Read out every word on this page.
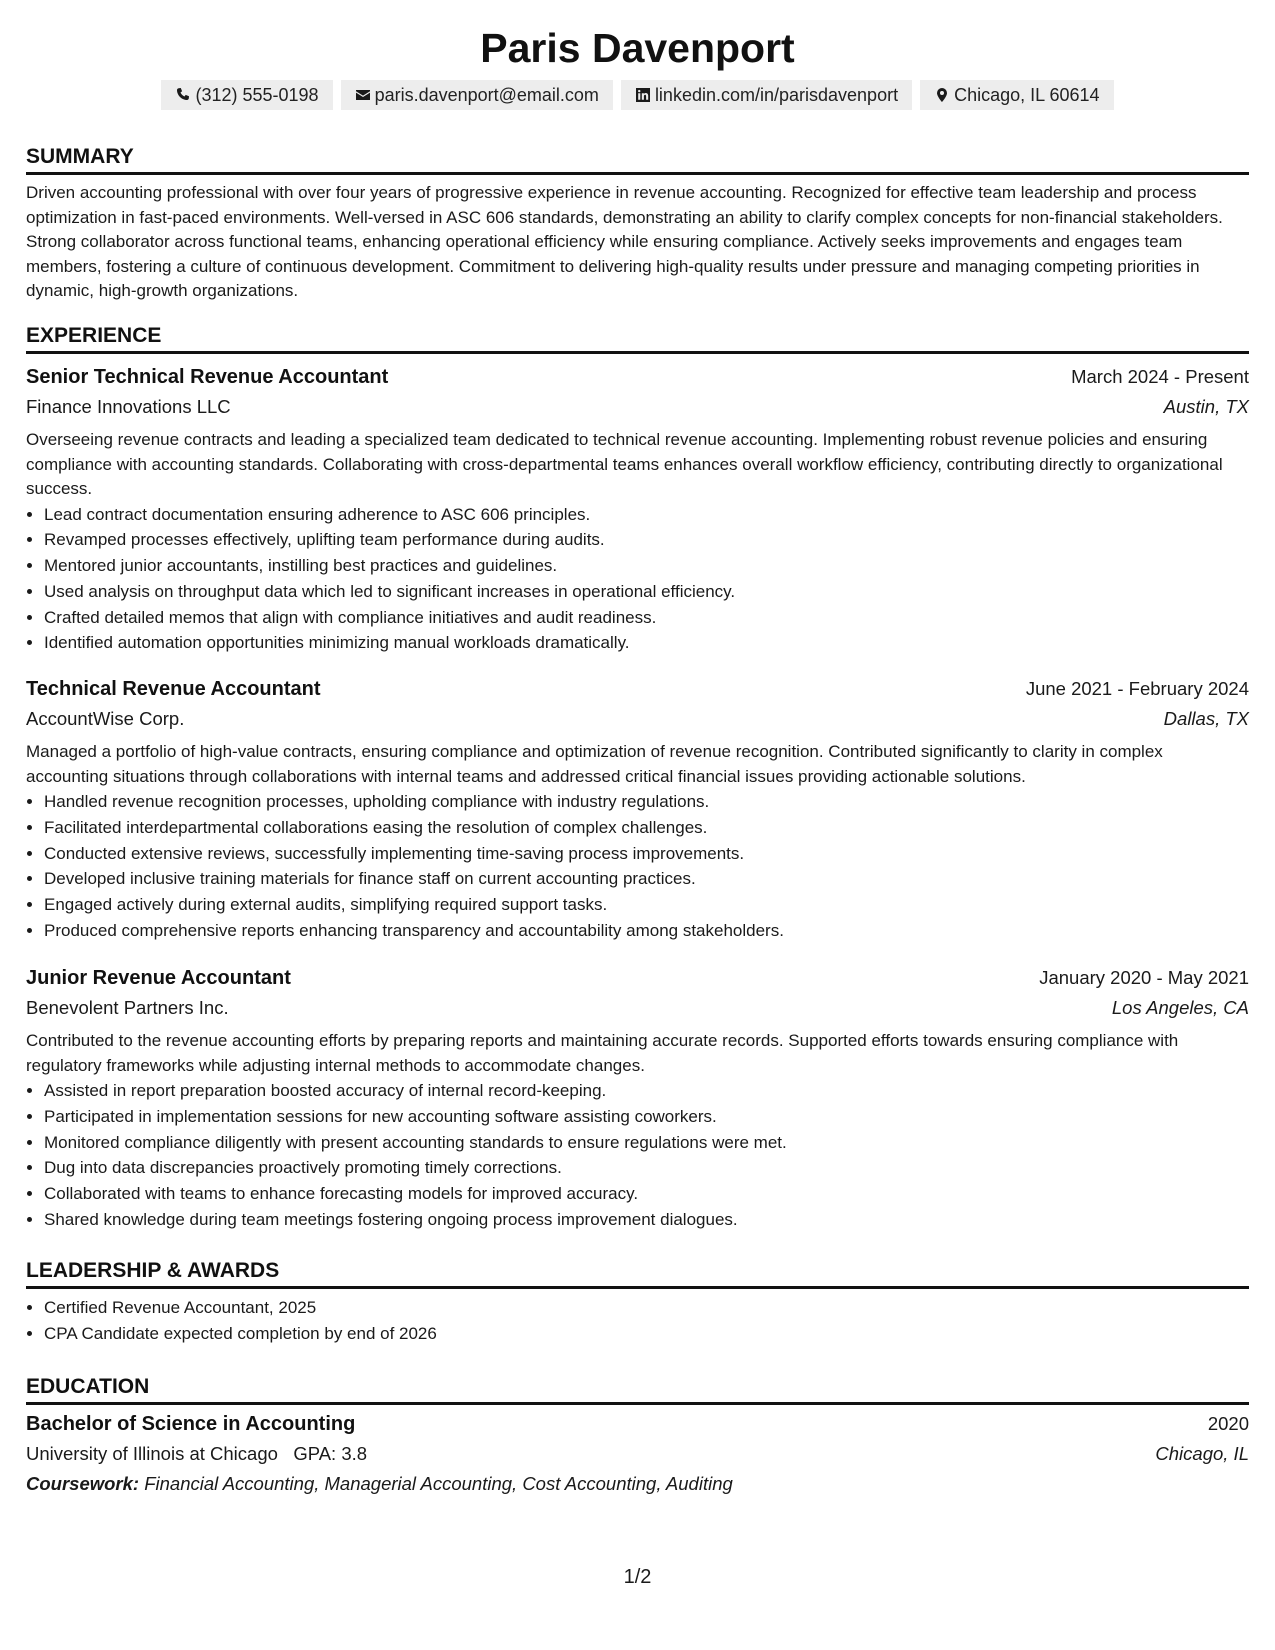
Paris Davenport
(312) 555-0198	paris.davenport@email.com	linkedin.com/in/parisdavenport	Chicago, IL 60614
SUMMARY
Driven accounting professional with over four years of progressive experience in revenue accounting. Recognized for effective team leadership and process optimization in fast-paced environments. Well-versed in ASC 606 standards, demonstrating an ability to clarify complex concepts for non-financial stakeholders. Strong collaborator across functional teams, enhancing operational efficiency while ensuring compliance. Actively seeks improvements and engages team members, fostering a culture of continuous development. Commitment to delivering high-quality results under pressure and managing competing priorities in dynamic, high-growth organizations.
EXPERIENCE
Senior Technical Revenue Accountant	March 2024 - Present
Finance Innovations LLC	Austin, TX
Overseeing revenue contracts and leading a specialized team dedicated to technical revenue accounting. Implementing robust revenue policies and ensuring compliance with accounting standards. Collaborating with cross-departmental teams enhances overall workflow efficiency, contributing directly to organizational success.
• Lead contract documentation ensuring adherence to ASC 606 principles.
• Revamped processes effectively, uplifting team performance during audits.
• Mentored junior accountants, instilling best practices and guidelines.
• Used analysis on throughput data which led to significant increases in operational efficiency.
• Crafted detailed memos that align with compliance initiatives and audit readiness.
• Identified automation opportunities minimizing manual workloads dramatically.
Technical Revenue Accountant	June 2021 - February 2024
AccountWise Corp.	Dallas, TX
Managed a portfolio of high-value contracts, ensuring compliance and optimization of revenue recognition. Contributed significantly to clarity in complex accounting situations through collaborations with internal teams and addressed critical financial issues providing actionable solutions.
• Handled revenue recognition processes, upholding compliance with industry regulations.
• Facilitated interdepartmental collaborations easing the resolution of complex challenges.
• Conducted extensive reviews, successfully implementing time-saving process improvements.
• Developed inclusive training materials for finance staff on current accounting practices.
• Engaged actively during external audits, simplifying required support tasks.
• Produced comprehensive reports enhancing transparency and accountability among stakeholders.
Junior Revenue Accountant	January 2020 - May 2021
Benevolent Partners Inc.	Los Angeles, CA
Contributed to the revenue accounting efforts by preparing reports and maintaining accurate records. Supported efforts towards ensuring compliance with regulatory frameworks while adjusting internal methods to accommodate changes.
• Assisted in report preparation boosted accuracy of internal record-keeping.
• Participated in implementation sessions for new accounting software assisting coworkers.
• Monitored compliance diligently with present accounting standards to ensure regulations were met.
• Dug into data discrepancies proactively promoting timely corrections.
• Collaborated with teams to enhance forecasting models for improved accuracy.
• Shared knowledge during team meetings fostering ongoing process improvement dialogues.
LEADERSHIP & AWARDS
• Certified Revenue Accountant, 2025
• CPA Candidate expected completion by end of 2026
EDUCATION
Bachelor of Science in Accounting	2020
University of Illinois at Chicago GPA: 3.8	Chicago, IL
Coursework: Financial Accounting, Managerial Accounting, Cost Accounting, Auditing
1/2
